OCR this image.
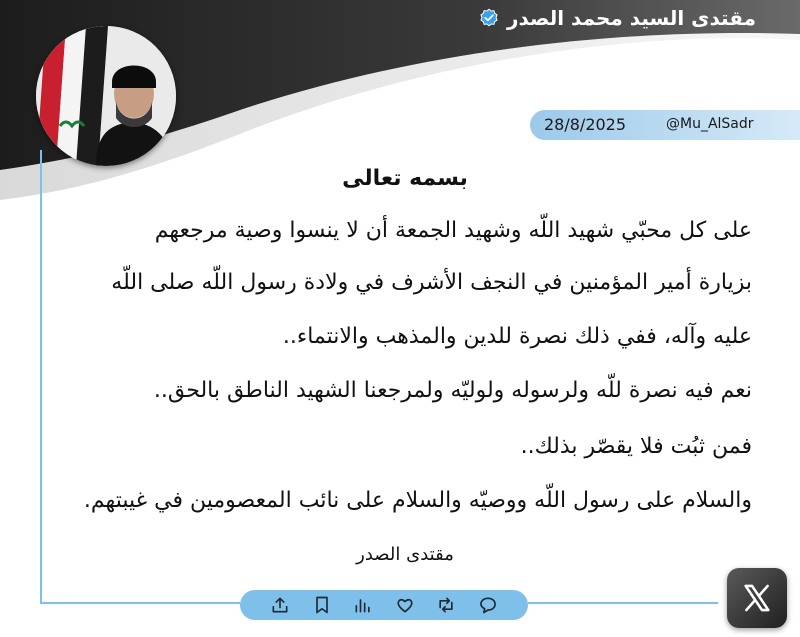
مقتدى السيد محمد الصدر
28/8/2025	@Mu_AlSadr
بسمه تعالى
على كل محبّي شهيد اللّه وشهيد الجمعة أن لا ينسوا وصية مرجعهم
بزيارة أمير المؤمنين في النجف الأشرف في ولادة رسول اللّه صلى اللّه
عليه وآله، ففي ذلك نصرة للدين والمذهب والانتماء..
نعم فيه نصرة للّه ولرسوله ولوليّه ولمرجعنا الشهيد الناطق بالحق..
فمن ثبُت فلا يقصّر بذلك..
والسلام على رسول اللّه ووصيّه والسلام على نائب المعصومين في غيبتهم.
مقتدى الصدر
